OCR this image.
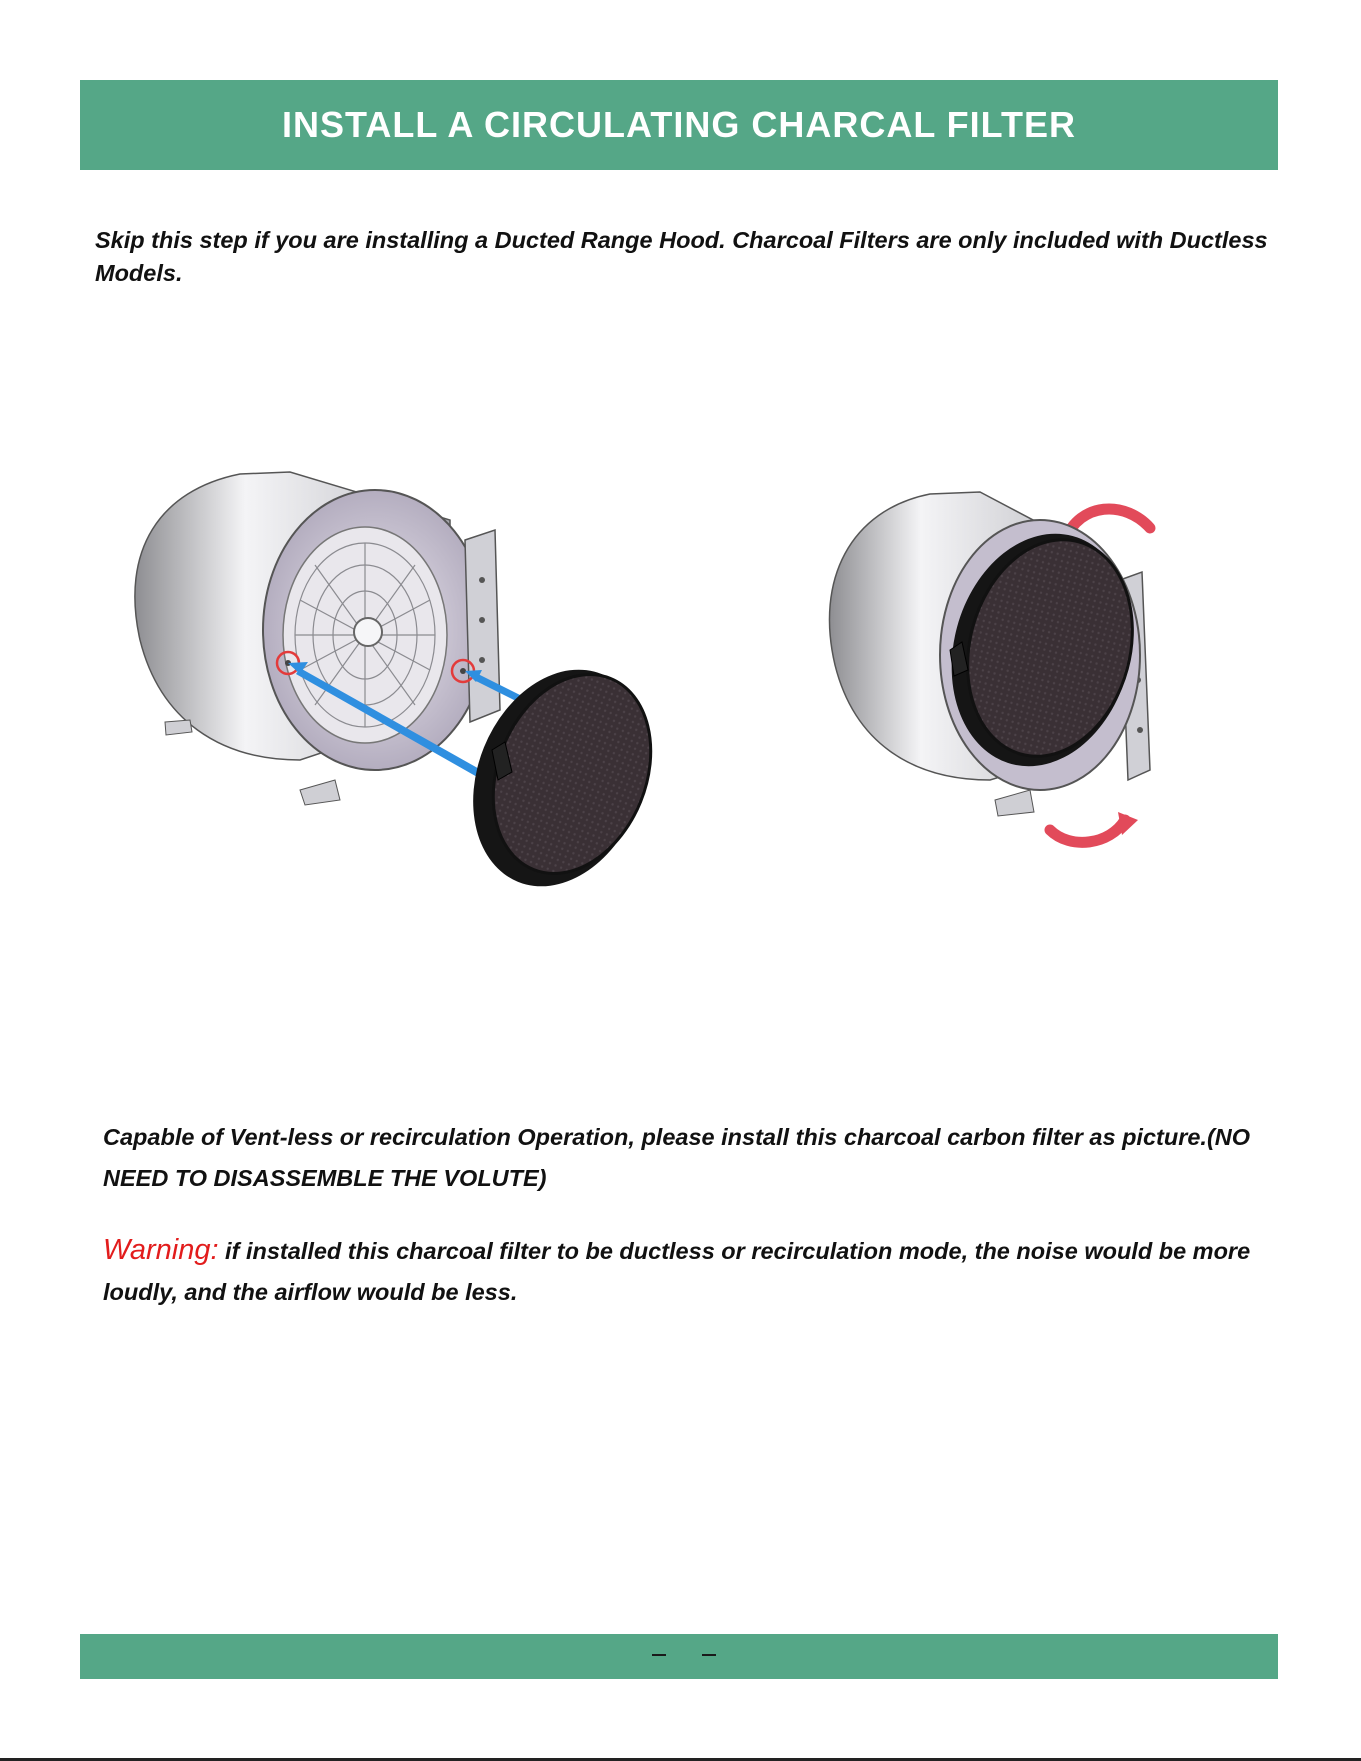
INSTALL A CIRCULATING CHARCAL FILTER
Skip this step if you are installing a Ducted Range Hood. Charcoal Filters are only included with Ductless Models.
Capable of Vent-less or recirculation Operation, please install this charcoal carbon filter as picture.(NO NEED TO DISASSEMBLE THE VOLUTE)
Warning: if installed this charcoal filter to be ductless or recirculation mode, the noise would be more loudly, and the airflow would be less.
